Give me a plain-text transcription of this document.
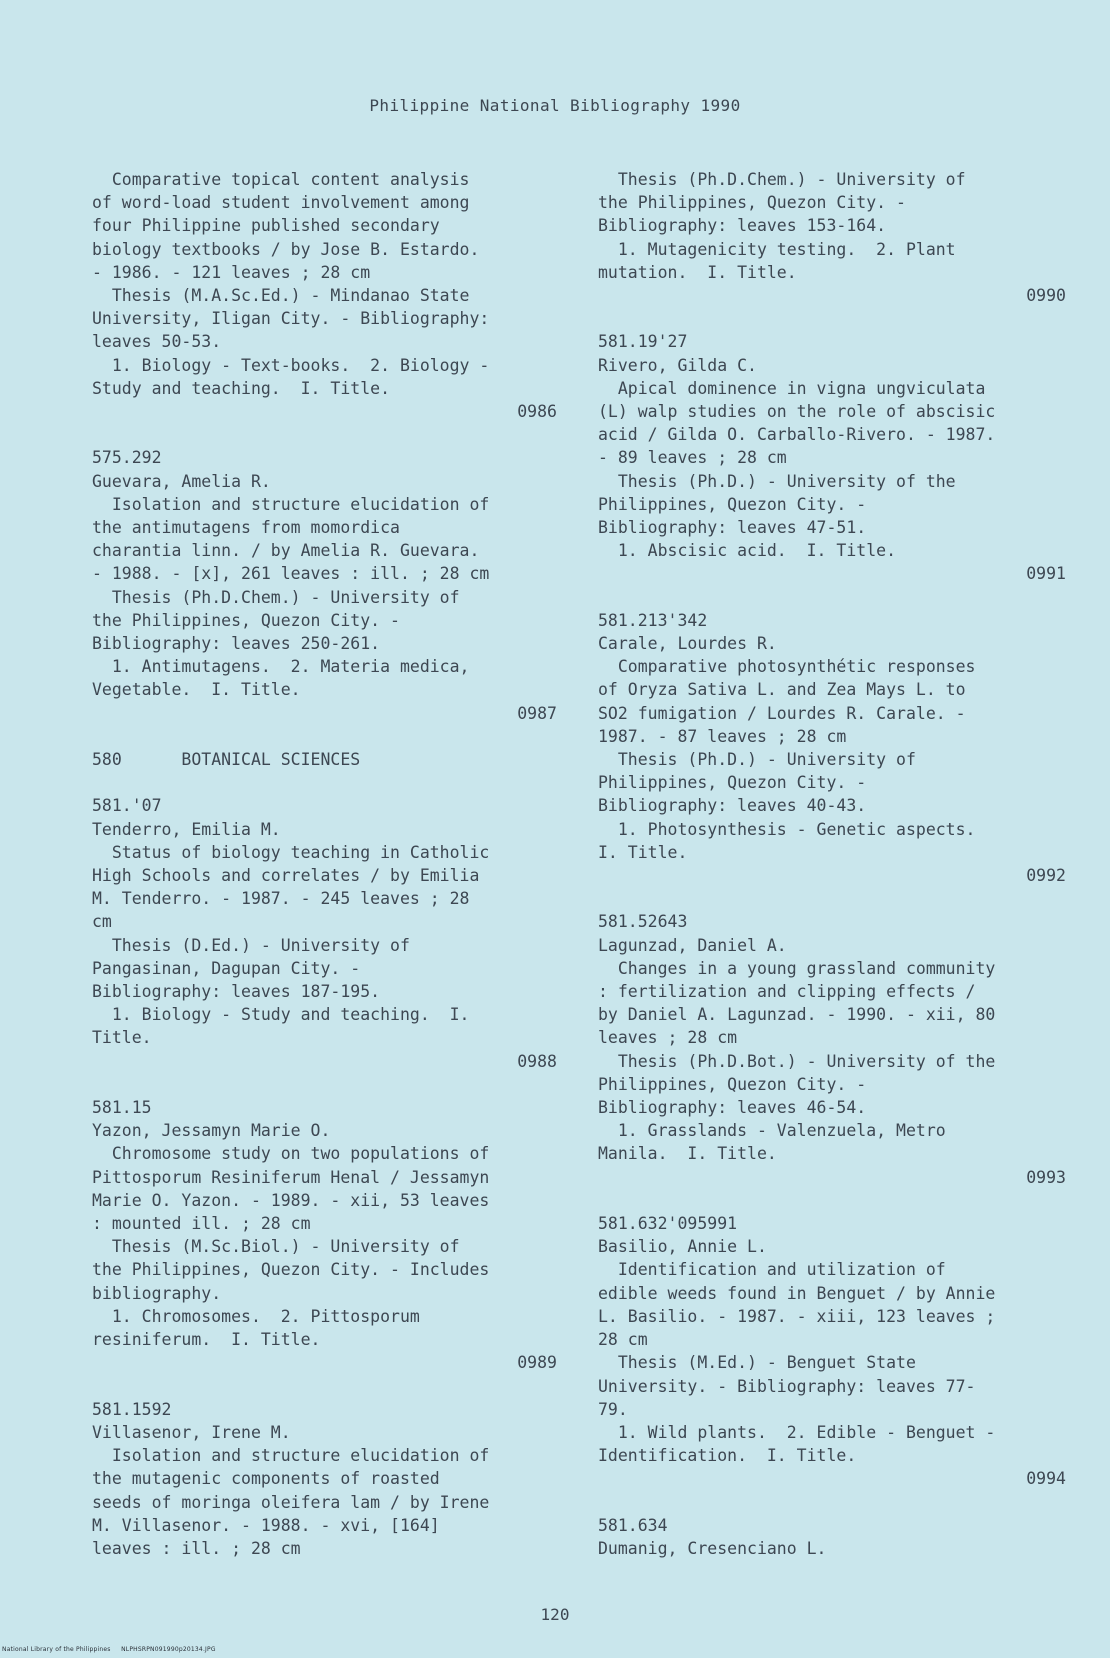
Philippine National Bibliography 1990
Comparative topical content analysis
of word-load student involvement among
four Philippine published secondary
biology textbooks / by Jose B. Estardo.
- 1986. - 121 leaves ; 28 cm
Thesis (M.A.Sc.Ed.) - Mindanao State
University, Iligan City. - Bibliography:
leaves 50-53.
1. Biology - Text-books.  2. Biology -
Study and teaching.  I. Title.
0986
575.292
Guevara, Amelia R.
Isolation and structure elucidation of
the antimutagens from momordica
charantia linn. / by Amelia R. Guevara.
- 1988. - [x], 261 leaves : ill. ; 28 cm
Thesis (Ph.D.Chem.) - University of
the Philippines, Quezon City. -
Bibliography: leaves 250-261.
1. Antimutagens.  2. Materia medica,
Vegetable.  I. Title.
0987
580      BOTANICAL SCIENCES
581.'07
Tenderro, Emilia M.
Status of biology teaching in Catholic
High Schools and correlates / by Emilia
M. Tenderro. - 1987. - 245 leaves ; 28
cm
Thesis (D.Ed.) - University of
Pangasinan, Dagupan City. -
Bibliography: leaves 187-195.
1. Biology - Study and teaching.  I.
Title.
0988
581.15
Yazon, Jessamyn Marie O.
Chromosome study on two populations of
Pittosporum Resiniferum Henal / Jessamyn
Marie O. Yazon. - 1989. - xii, 53 leaves
: mounted ill. ; 28 cm
Thesis (M.Sc.Biol.) - University of
the Philippines, Quezon City. - Includes
bibliography.
1. Chromosomes.  2. Pittosporum
resiniferum.  I. Title.
0989
581.1592
Villasenor, Irene M.
Isolation and structure elucidation of
the mutagenic components of roasted
seeds of moringa oleifera lam / by Irene
M. Villasenor. - 1988. - xvi, [164]
leaves : ill. ; 28 cm
Thesis (Ph.D.Chem.) - University of
the Philippines, Quezon City. -
Bibliography: leaves 153-164.
1. Mutagenicity testing.  2. Plant
mutation.  I. Title.
0990
581.19'27
Rivero, Gilda C.
Apical dominence in vigna ungviculata
(L) walp studies on the role of abscisic
acid / Gilda O. Carballo-Rivero. - 1987.
- 89 leaves ; 28 cm
Thesis (Ph.D.) - University of the
Philippines, Quezon City. -
Bibliography: leaves 47-51.
1. Abscisic acid.  I. Title.
0991
581.213'342
Carale, Lourdes R.
Comparative photosynthétic responses
of Oryza Sativa L. and Zea Mays L. to
SO2 fumigation / Lourdes R. Carale. -
1987. - 87 leaves ; 28 cm
Thesis (Ph.D.) - University of
Philippines, Quezon City. -
Bibliography: leaves 40-43.
1. Photosynthesis - Genetic aspects.
I. Title.
0992
581.52643
Lagunzad, Daniel A.
Changes in a young grassland community
: fertilization and clipping effects /
by Daniel A. Lagunzad. - 1990. - xii, 80
leaves ; 28 cm
Thesis (Ph.D.Bot.) - University of the
Philippines, Quezon City. -
Bibliography: leaves 46-54.
1. Grasslands - Valenzuela, Metro
Manila.  I. Title.
0993
581.632'095991
Basilio, Annie L.
Identification and utilization of
edible weeds found in Benguet / by Annie
L. Basilio. - 1987. - xiii, 123 leaves ;
28 cm
Thesis (M.Ed.) - Benguet State
University. - Bibliography: leaves 77-
79.
1. Wild plants.  2. Edible - Benguet -
Identification.  I. Title.
0994
581.634
Dumanig, Cresenciano L.
120
National Library of the Philippines     NLPHSRPN091990p20134.JPG
